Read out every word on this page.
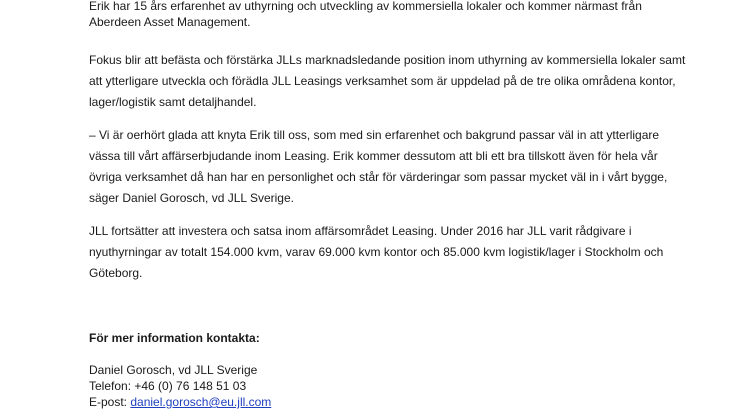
Erik har 15 års erfarenhet av uthyrning och utveckling av kommersiella lokaler och kommer närmast från
Aberdeen Asset Management.
Fokus blir att befästa och förstärka JLLs marknadsledande position inom uthyrning av kommersiella lokaler samt
att ytterligare utveckla och förädla JLL Leasings verksamhet som är uppdelad på de tre olika områdena kontor,
lager/logistik samt detaljhandel.
– Vi är oerhört glada att knyta Erik till oss, som med sin erfarenhet och bakgrund passar väl in att ytterligare
vässa till vårt affärserbjudande inom Leasing. Erik kommer dessutom att bli ett bra tillskott även för hela vår
övriga verksamhet då han har en personlighet och står för värderingar som passar mycket väl in i vårt bygge,
säger Daniel Gorosch, vd JLL Sverige.
JLL fortsätter att investera och satsa inom affärsområdet Leasing. Under 2016 har JLL varit rådgivare i
nyuthyrningar av totalt 154.000 kvm, varav 69.000 kvm kontor och 85.000 kvm logistik/lager i Stockholm och
Göteborg.
För mer information kontakta:
Daniel Gorosch, vd JLL Sverige
Telefon: +46 (0) 76 148 51 03
E-post: daniel.gorosch@eu.jll.com
